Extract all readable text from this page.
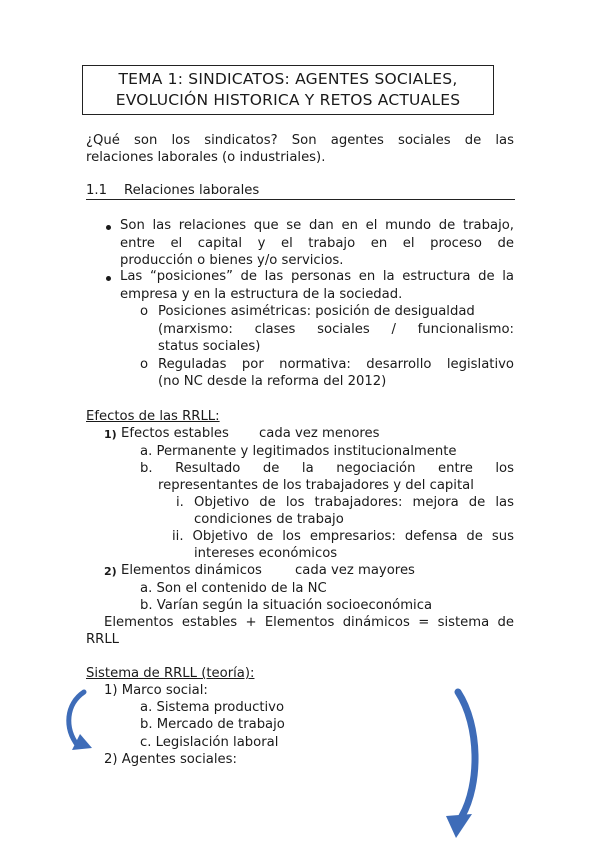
TEMA 1: SINDICATOS: AGENTES SOCIALES,
EVOLUCIÓN HISTORICA Y RETOS ACTUALES
¿Qué son los sindicatos? Son agentes sociales de las
relaciones laborales (o industriales).
1.1 Relaciones laborales
Son las relaciones que se dan en el mundo de trabajo,
entre el capital y el trabajo en el proceso de
producción o bienes y/o servicios.
Las “posiciones” de las personas en la estructura de la
empresa y en la estructura de la sociedad.
o Posiciones asimétricas: posición de desigualdad
(marxismo: clases sociales / funcionalismo:
status sociales)
o Reguladas por normativa: desarrollo legislativo
(no NC desde la reforma del 2012)
Efectos de las RRLL:
1) Efectos estables cada vez menores
a. Permanente y legitimados institucionalmente
b. Resultado de la negociación entre los
representantes de los trabajadores y del capital
i. Objetivo de los trabajadores: mejora de las
condiciones de trabajo
ii. Objetivo de los empresarios: defensa de sus
intereses económicos
2) Elementos dinámicos	cada vez mayores
a. Son el contenido de la NC
b. Varían según la situación socioeconómica
Elementos estables + Elementos dinámicos = sistema de
RRLL
Sistema de RRLL (teoría):
1) Marco social:
a. Sistema productivo
b. Mercado de trabajo
c. Legislación laboral
2) Agentes sociales:
